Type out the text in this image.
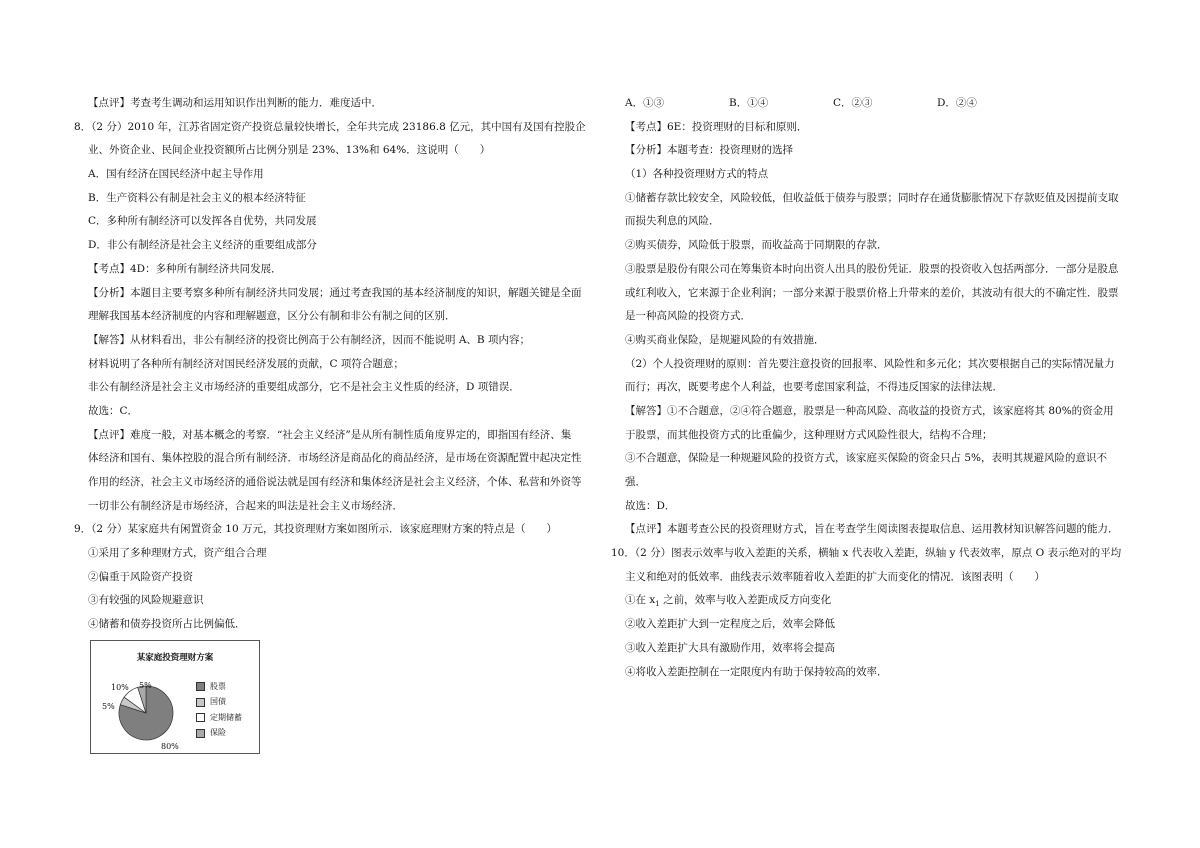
【点评】考查考生调动和运用知识作出判断的能力．难度适中．
8．（2 分）2010 年，江苏省固定资产投资总量较快增长，全年共完成 23186.8 亿元，其中国有及国有控股企
业、外资企业、民间企业投资额所占比例分别是 23%、13%和 64%．这说明（　　）
A．国有经济在国民经济中起主导作用
B．生产资料公有制是社会主义的根本经济特征
C．多种所有制经济可以发挥各自优势，共同发展
D．非公有制经济是社会主义经济的重要组成部分
【考点】4D：多种所有制经济共同发展．
【分析】本题目主要考察多种所有制经济共同发展；通过考查我国的基本经济制度的知识，解题关键是全面
理解我国基本经济制度的内容和理解题意，区分公有制和非公有制之间的区别．
【解答】从材料看出，非公有制经济的投资比例高于公有制经济，因而不能说明 A、B 项内容；
材料说明了各种所有制经济对国民经济发展的贡献，C 项符合题意；
非公有制经济是社会主义市场经济的重要组成部分，它不是社会主义性质的经济，D 项错误．
故选：C．
【点评】难度一般，对基本概念的考察．“社会主义经济”是从所有制性质角度界定的，即指国有经济、集
体经济和国有、集体控股的混合所有制经济．市场经济是商品化的商品经济，是市场在资源配置中起决定性
作用的经济，社会主义市场经济的通俗说法就是国有经济和集体经济是社会主义经济，个体、私营和外资等
一切非公有制经济是市场经济，合起来的叫法是社会主义市场经济．
9．（2 分）某家庭共有闲置资金 10 万元，其投资理财方案如图所示．该家庭理财方案的特点是（　　）
①采用了多种理财方式，资产组合合理
②偏重于风险资产投资
③有较强的风险规避意识
④储蓄和债券投资所占比例偏低．
某家庭投资理财方案
10% 5%
5%
80%
股票
国债
定期储蓄
保险
A．①③	B．①④	C．②③	D．②④
【考点】6E：投资理财的目标和原则．
【分析】本题考查：投资理财的选择
（1）各种投资理财方式的特点
①储蓄存款比较安全，风险较低，但收益低于债券与股票；同时存在通货膨胀情况下存款贬值及因提前支取
而损失利息的风险．
②购买债券，风险低于股票，而收益高于同期限的存款．
③股票是股份有限公司在筹集资本时向出资人出具的股份凭证．股票的投资收入包括两部分．一部分是股息
或红利收入，它来源于企业利润；一部分来源于股票价格上升带来的差价，其波动有很大的不确定性．股票
是一种高风险的投资方式．
④购买商业保险，是规避风险的有效措施．
（2）个人投资理财的原则：首先要注意投资的回报率、风险性和多元化；其次要根据自己的实际情况量力
而行；再次，既要考虑个人利益，也要考虑国家利益，不得违反国家的法律法规．
【解答】①不合题意，②④符合题意，股票是一种高风险、高收益的投资方式，该家庭将其 80%的资金用
于股票，而其他投资方式的比重偏少，这种理财方式风险性很大，结构不合理；
③不合题意，保险是一种规避风险的投资方式，该家庭买保险的资金只占 5%，表明其规避风险的意识不
强．
故选：D．
【点评】本题考查公民的投资理财方式，旨在考查学生阅读图表提取信息、运用教材知识解答问题的能力．
10．（2 分）图表示效率与收入差距的关系，横轴 x 代表收入差距，纵轴 y 代表效率，原点 O 表示绝对的平均
主义和绝对的低效率．曲线表示效率随着收入差距的扩大而变化的情况．该图表明（　　）
①在 $x_1$ 之前，效率与收入差距成反方向变化
②收入差距扩大到一定程度之后，效率会降低
③收入差距扩大具有激励作用，效率将会提高
④将收入差距控制在一定限度内有助于保持较高的效率．
